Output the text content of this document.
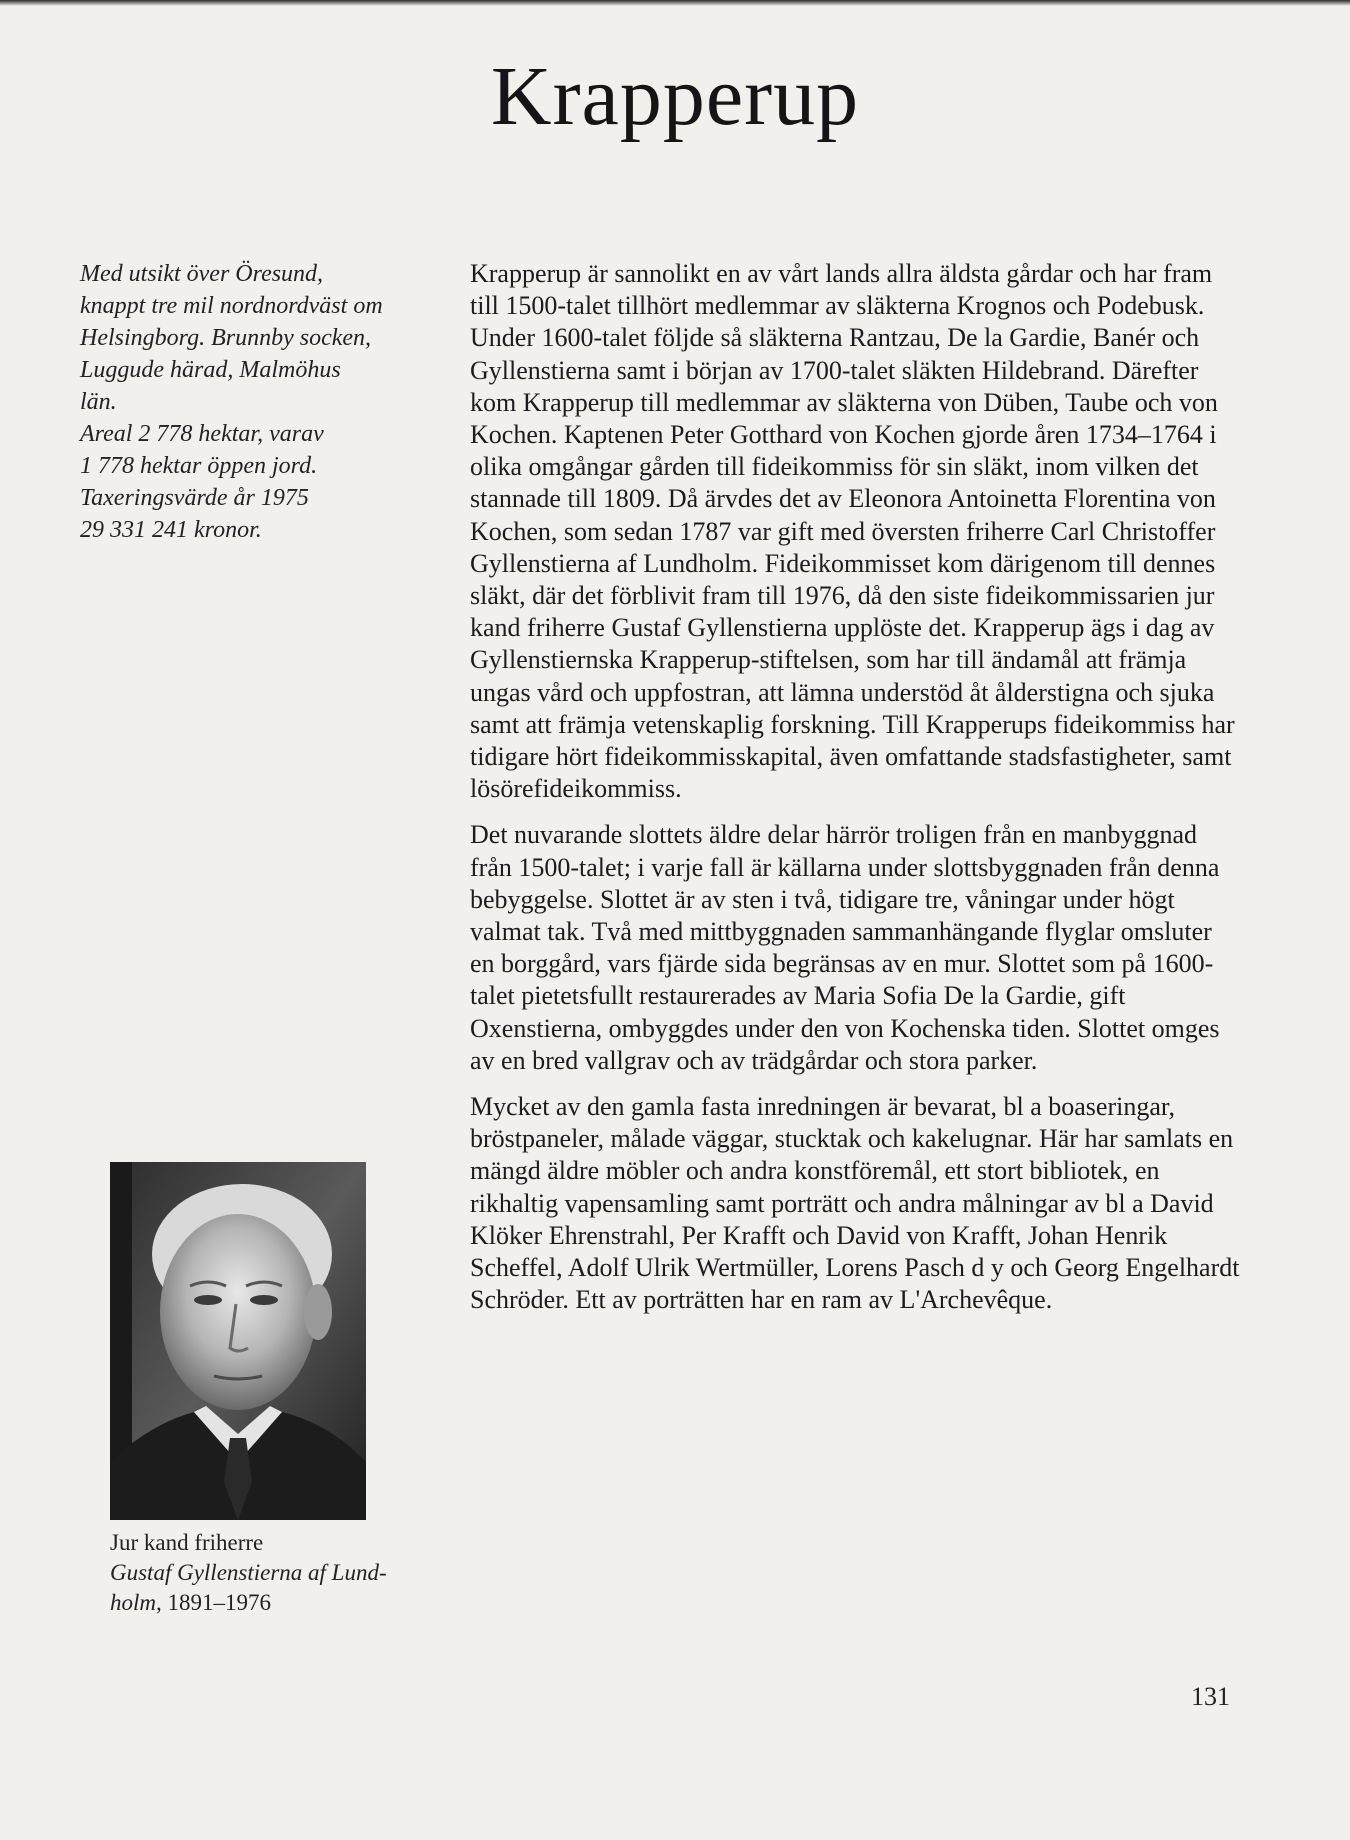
Krapperup

Med utsikt över Öresund,
knappt tre mil nordnordväst om
Helsingborg. Brunnby socken,
Luggude härad, Malmöhus
län.

Areal 2 778 hektar, varav
1 778 hektar öppen jord.

Taxeringsvärde år 1975
29 331 241 kronor.

Jur kand friherre
Gustaf Gyllenstierna af Lund-
holm, 1891–1976

Krapperup är sannolikt en av vårt lands allra äldsta gårdar och har fram till 1500-talet tillhört medlemmar av släkterna Krognos och Podebusk. Under 1600-talet följde så släkterna Rantzau, De la Gardie, Banér och Gyllenstierna samt i början av 1700-talet släkten Hildebrand. Därefter kom Krapperup till medlemmar av släkterna von Düben, Taube och von Kochen. Kaptenen Peter Gotthard von Kochen gjorde åren 1734–1764 i olika omgångar gården till fideikommiss för sin släkt, inom vilken det stannade till 1809. Då ärvdes det av Eleonora Antoinetta Florentina von Kochen, som sedan 1787 var gift med översten friherre Carl Christoffer Gyllenstierna af Lundholm. Fideikommisset kom därigenom till dennes släkt, där det förblivit fram till 1976, då den siste fideikommissarien jur kand friherre Gustaf Gyllenstierna upplöste det. Krapperup ägs i dag av Gyllenstiernska Krapperup-stiftelsen, som har till ändamål att främja ungas vård och uppfostran, att lämna understöd åt ålderstigna och sjuka samt att främja vetenskaplig forskning. Till Krapperups fideikommiss har tidigare hört fideikommisskapital, även omfattande stadsfastigheter, samt lösörefideikommiss.

Det nuvarande slottets äldre delar härrör troligen från en manbyggnad från 1500-talet; i varje fall är källarna under slottsbyggnaden från denna bebyggelse. Slottet är av sten i två, tidigare tre, våningar under högt valmat tak. Två med mittbyggnaden sammanhängande flyglar omsluter en borggård, vars fjärde sida begränsas av en mur. Slottet som på 1600-talet pietetsfullt restaurerades av Maria Sofia De la Gardie, gift Oxenstierna, ombyggdes under den von Kochenska tiden. Slottet omges av en bred vallgrav och av trädgårdar och stora parker.

Mycket av den gamla fasta inredningen är bevarat, bl a boaseringar, bröstpaneler, målade väggar, stucktak och kakelugnar. Här har samlats en mängd äldre möbler och andra konstföremål, ett stort bibliotek, en rikhaltig vapensamling samt porträtt och andra målningar av bl a David Klöker Ehrenstrahl, Per Krafft och David von Krafft, Johan Henrik Scheffel, Adolf Ulrik Wertmüller, Lorens Pasch d y och Georg Engelhardt Schröder. Ett av porträtten har en ram av L'Archevêque.

131
